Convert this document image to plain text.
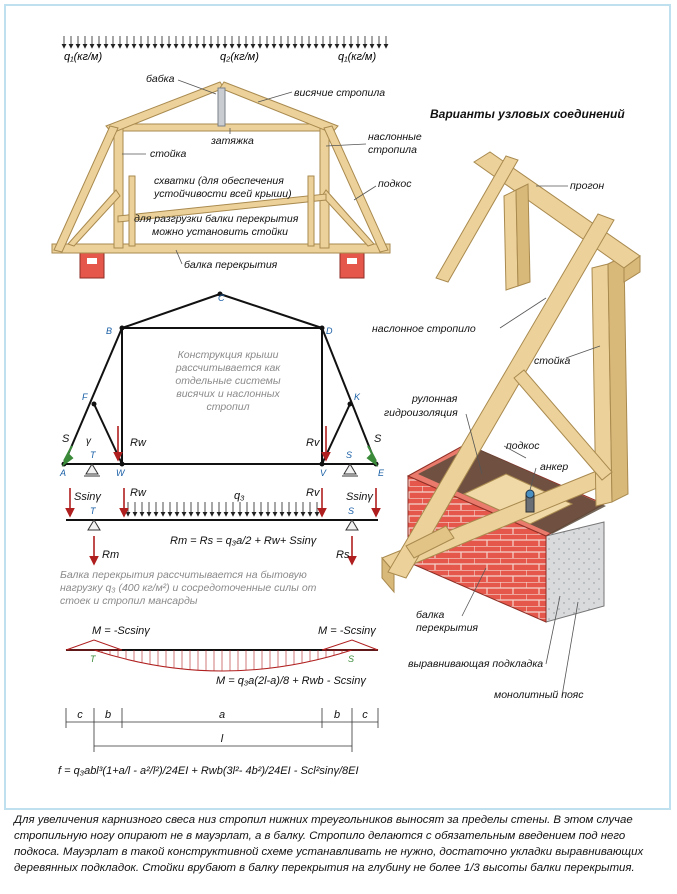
q₁(кг/м)	q₂(кг/м)	q₁(кг/м)
бабка
висячие стропила
затяжка
стойка
наслонные
стропила
схватки (для обеспечения
устойчивости всей крыши)
подкос
для разгрузки балки перекрытия
можно установить стойки
балка перекрытия
Варианты узловых соединений
прогон
наслонное стропило
стойка
рулонная
гидроизоляция
подкос
анкер
балка
перекрытия
выравнивающая подкладка
монолитный пояс
C
B	D
F	K
A	E
T
W	V
S
S	S
γ	Rw	Rv
Конструкция крыши
рассчитывается как
отдельные системы
висячих и наслонных
стропил
Ssinγ	Rw	q₃	Rv Ssinγ
T	S
Rт = Rs = q₃a/2 + Rw+ Ssinγ
Rт	Rs
Балка перекрытия рассчитывается на бытовую
нагрузку q₃ (400 кг/м²) и сосредоточенные силы от
стоек и стропил мансарды
M = -Scsinγ	M = -Scsinγ
T	S
M = q₃a(2l-a)/8 + Rwb - Scsinγ
c b	a	b c
l
f = q₃abl³(1+a/l - a²/l²)/24EI + Rwb(3l²- 4b²)/24EI - Scl²sinγ/8EI
Для увеличения карнизного свеса низ стропил нижних треугольников выносят за пределы стены. В этом случае стропильную ногу опирают не в мауэрлат, а в балку. Стропило делаются с обязательным введением под него подкоса. Мауэрлат в такой конструктивной схеме устанавливать не нужно, достаточно укладки выравнивающих деревянных подкладок. Стойки врубают в балку перекрытия на глубину не более 1/3 высоты балки перекрытия.
